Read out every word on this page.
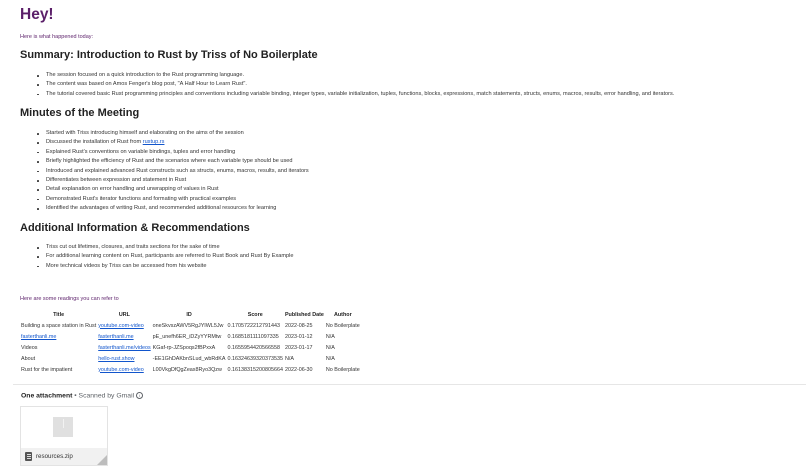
Hey!

Here is what happened today:

Summary: Introduction to Rust by Triss of No Boilerplate
The session focused on a quick introduction to the Rust programming language.
The content was based on Amos Fenger's blog post, "A Half Hour to Learn Rust".
The tutorial covered basic Rust programming principles and conventions including variable binding, integer types, variable initialization, tuples, functions, blocks, expressions, match statements, structs, enums, macros, results, error handling, and iterators.
Minutes of the Meeting
Started with Triss introducing himself and elaborating on the aims of the session
Discussed the installation of Rust from rustup.rs
Explained Rust's conventions on variable bindings, tuples and error handling
Briefly highlighted the efficiency of Rust and the scenarios where each variable type should be used
Introduced and explained advanced Rust constructs such as structs, enums, macros, results, and iterators
Differentiates between expression and statement in Rust
Detail explanation on error handling and unwrapping of values in Rust
Demonstrated Rust's iterator functions and formating with practical examples
Identified the advantages of writing Rust, and recommended additional resources for learning
Additional Information & Recommendations
Triss cut out lifetimes, closures, and traits sections for the sake of time
For additional learning content on Rust, participants are referred to Rust Book and Rust By Example
More technical videos by Triss can be accessed from his website

Here are some readings you can refer to

Title	URL	ID	Score	Published Date	Author
Building a space station in Rust	youtube.com-video	oneSkvszAWV5RgJYIWL5Jw	0.1705722212791443	2022-08-25	No Boilerplate
fasterthanli.me	fasterthanli.me	pE_unefh6ER_iDZyYYRMtw	0.1685181111097335	2023-01-12	N/A
Videos	fasterthanli.me/videos	KGaf-rp-JZSpoqs2fBPxxA	0.1655954420566558	2023-01-17	N/A
About	hello-rust.show	-EE1GhDAKbnSLud_wbRdKA	0.16324639320373535	N/A	N/A
Rust for the impatient	youtube.com-video	L00VkgDfQgZeax8Ryo3Qzw	0.16138315200805664	2022-06-30	No Boilerplate
One attachment • Scanned by Gmail i
resources.zip
